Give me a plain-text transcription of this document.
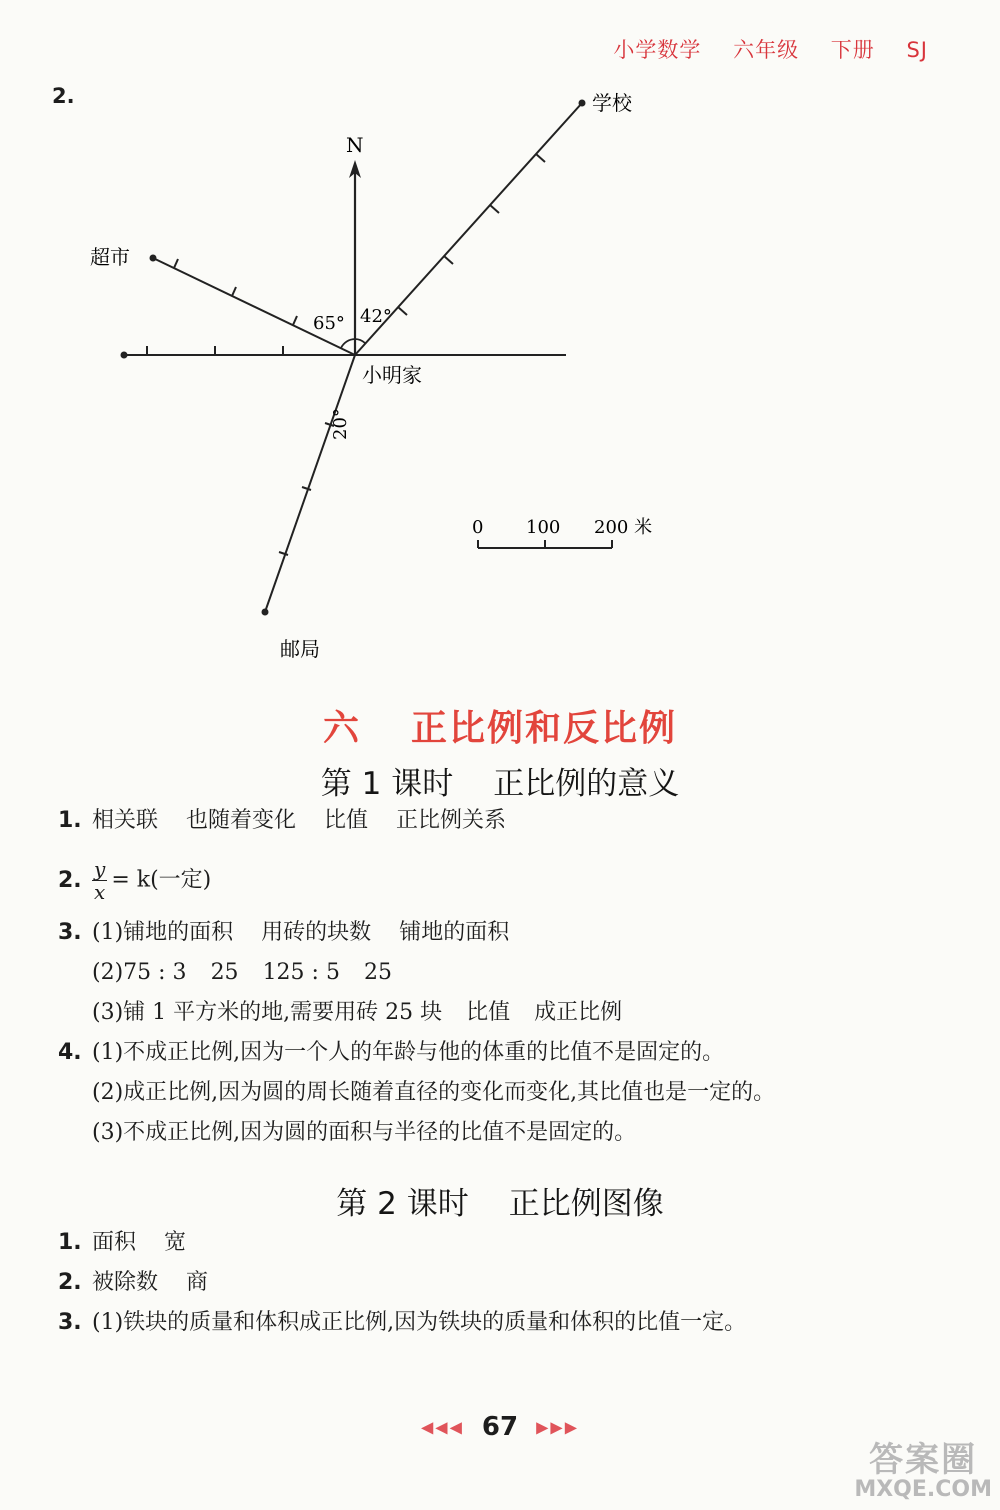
小学数学 六年级 下册 SJ
2.
N
学校
超市
邮局
65° 42°
20°
小明家
0 100 200 米
六 正比例和反比例
第 1 课时 正比例的意义
1. 相关联 也随着变化 比值 正比例关系
2. $\frac{y}{x} = k$(一定)
3. (1)铺地的面积 用砖的块数 铺地的面积
(2)75 : 3 25 125 : 5 25
(3)铺 1 平方米的地,需要用砖 25 块 比值 成正比例
4. (1)不成正比例,因为一个人的年龄与他的体重的比值不是固定的。
(2)成正比例,因为圆的周长随着直径的变化而变化,其比值也是一定的。
(3)不成正比例,因为圆的面积与半径的比值不是固定的。
第 2 课时 正比例图像
1. 面积 宽
2. 被除数 商
3. (1)铁块的质量和体积成正比例,因为铁块的质量和体积的比值一定。
◀◀◀ 67 ▶▶▶
答案圈
MXQE.COM
